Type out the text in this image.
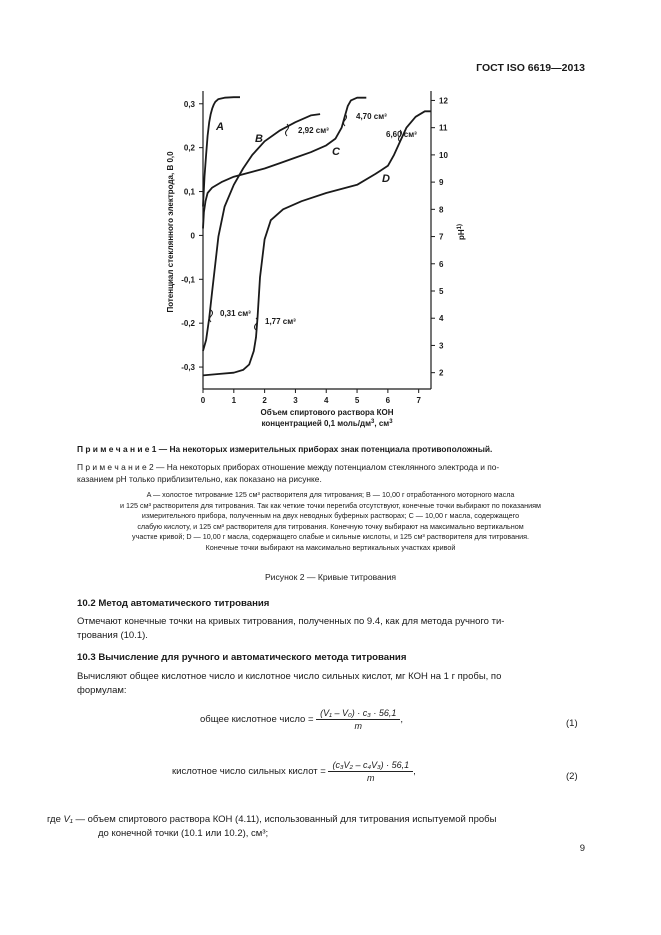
ГОСТ ISO 6619—2013
0,3
0,2
0,1
0
-0,1
-0,2
-0,3
12
11
10
9
8
7
6
5
4
3
2
0	1	2	3	4	5	6	7
Объем спиртового раствора КОН
концентрацией 0,1 моль/$дм^3$, $см^3$
Потенциал стеклянного электрода, В 0,0	$pH^{1)}$
A
B
C
D
4,70 см³
2,92 см³	6,60 см³
0,31 см³
1,77 см³
П р и м е ч а н и е 1 — На некоторых измерительных приборах знак потенциала противоположный.
П р и м е ч а н и е 2 — На некоторых приборах отношение между потенциалом стеклянного электрода и по-
казанием pH только приблизительно, как показано на рисунке.
A — холостое титрование 125 см³ растворителя для титрования; B — 10,00 г отработанного моторного масла
и 125 см³ растворителя для титрования. Так как четкие точки перегиба отсутствуют, конечные точки выбирают по показаниям
измерительного прибора, полученным на двух неводных буферных растворах; C — 10,00 г масла, содержащего
слабую кислоту, и 125 см³ растворителя для титрования. Конечную точку выбирают на максимально вертикальном
участке кривой; D — 10,00 г масла, содержащего слабые и сильные кислоты, и 125 см³ растворителя для титрования.
Конечные точки выбирают на максимально вертикальных участках кривой
Рисунок 2 — Кривые титрования
10.2 Метод автоматического титрования
Отмечают конечные точки на кривых титрования, полученных по 9.4, как для метода ручного ти-
трования (10.1).
10.3 Вычисление для ручного и автоматического метода титрования
Вычисляют общее кислотное число и кислотное число сильных кислот, мг КОН на 1 г пробы, по
формулам:
общее кислотное число = $\frac{\text{(V₁ – V₀) · c₃ · 56,1}}{m}$ ,	(1)
кислотное число сильных кислот = $\frac{\text{(c₃V₂ – c₄V₃) · 56,1}}{m}$ ,	(2)
где V₁ — объем спиртового раствора КОН (4.11), использованный для титрования испытуемой пробы
до конечной точки (10.1 или 10.2), см³;
9
